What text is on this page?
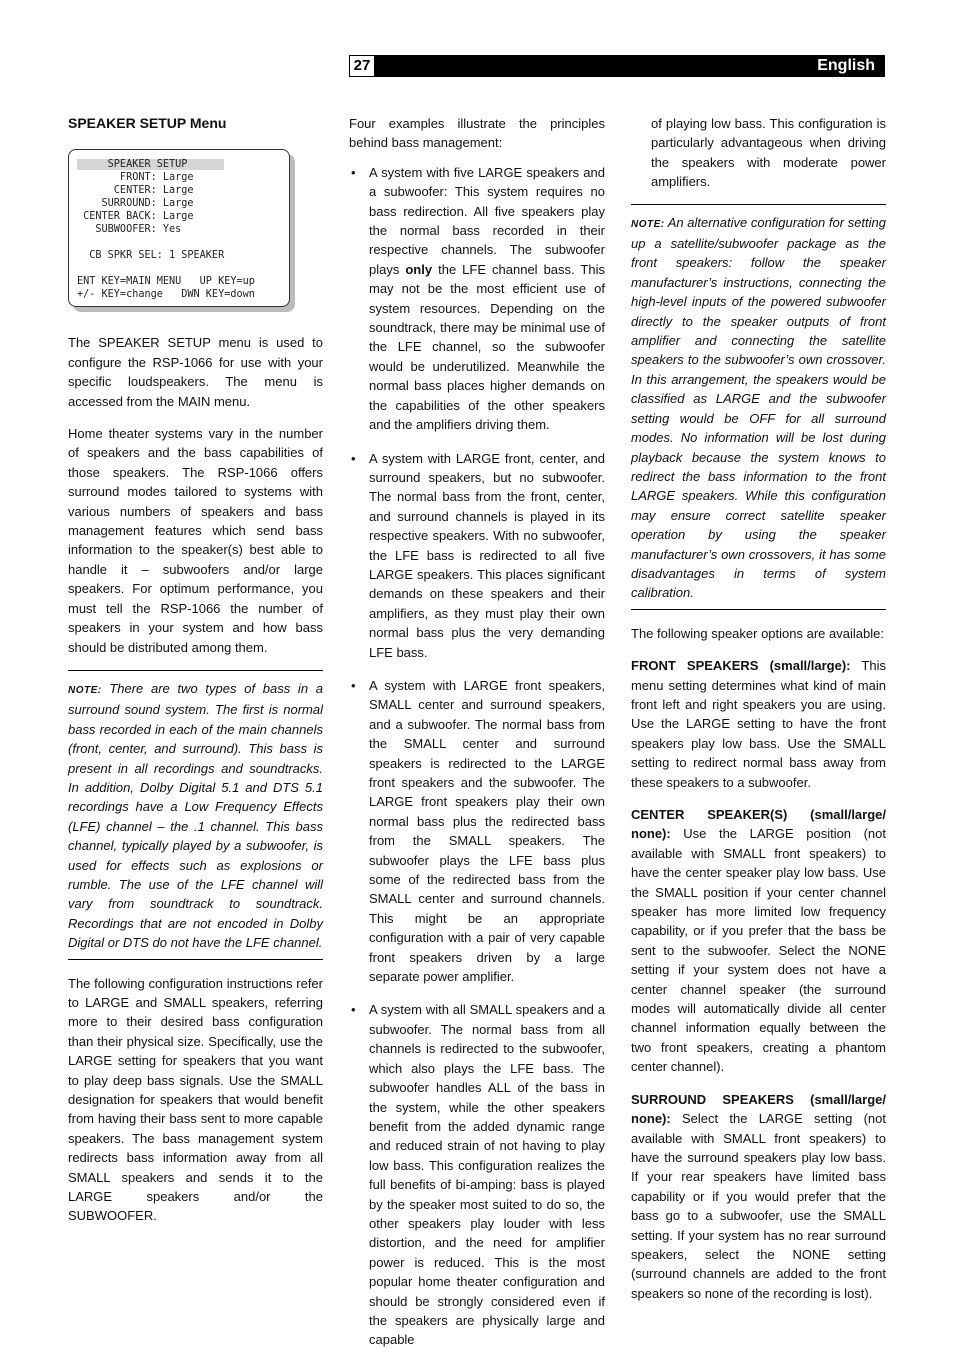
27	English
SPEAKER SETUP Menu
SPEAKER SETUP
FRONT: Large
CENTER: Large
SURROUND: Large
CENTER BACK: Large
SUBWOOFER: Yes

CB SPKR SEL: 1 SPEAKER

ENT KEY=MAIN MENU   UP KEY=up
+/- KEY=change   DWN KEY=down

The SPEAKER SETUP menu is used to configure the RSP-1066 for use with your specific loudspeakers. The menu is accessed from the MAIN menu.

Home theater systems vary in the number of speakers and the bass capabilities of those speakers. The RSP-1066 offers surround modes tailored to systems with various numbers of speakers and bass management features which send bass information to the speaker(s) best able to handle it – subwoofers and/or large speakers. For optimum performance, you must tell the RSP-1066 the number of speakers in your system and how bass should be distributed among them.

NOTE: There are two types of bass in a surround sound system. The first is normal bass recorded in each of the main channels (front, center, and surround). This bass is present in all recordings and soundtracks. In addition, Dolby Digital 5.1 and DTS 5.1 recordings have a Low Frequency Effects (LFE) channel – the .1 channel. This bass channel, typically played by a subwoofer, is used for effects such as explosions or rumble. The use of the LFE channel will vary from soundtrack to soundtrack. Recordings that are not encoded in Dolby Digital or DTS do not have the LFE channel.

The following configuration instructions refer to LARGE and SMALL speakers, referring more to their desired bass configuration than their physical size. Specifically, use the LARGE setting for speakers that you want to play deep bass signals. Use the SMALL designation for speakers that would benefit from having their bass sent to more capable speakers. The bass management system redirects bass information away from all SMALL speakers and sends it to the LARGE speakers and/or the SUBWOOFER.

Four examples illustrate the principles behind bass management:

• A system with five LARGE speakers and a subwoofer: This system requires no bass redirection. All five speakers play the normal bass recorded in their respective channels. The subwoofer plays only the LFE channel bass. This may not be the most efficient use of system resources. Depending on the soundtrack, there may be minimal use of the LFE channel, so the subwoofer would be underutilized. Meanwhile the normal bass places higher demands on the capabilities of the other speakers and the amplifiers driving them.
• A system with LARGE front, center, and surround speakers, but no subwoofer. The normal bass from the front, center, and surround channels is played in its respective speakers. With no subwoofer, the LFE bass is redirected to all five LARGE speakers. This places significant demands on these speakers and their amplifiers, as they must play their own normal bass plus the very demanding LFE bass.
• A system with LARGE front speakers, SMALL center and surround speakers, and a subwoofer. The normal bass from the SMALL center and surround speakers is redirected to the LARGE front speakers and the subwoofer. The LARGE front speakers play their own normal bass plus the redirected bass from the SMALL speakers. The subwoofer plays the LFE bass plus some of the redirected bass from the SMALL center and surround channels. This might be an appropriate configuration with a pair of very capable front speakers driven by a large separate power amplifier.
• A system with all SMALL speakers and a subwoofer. The normal bass from all channels is redirected to the subwoofer, which also plays the LFE bass. The subwoofer handles ALL of the bass in the system, while the other speakers benefit from the added dynamic range and reduced strain of not having to play low bass. This configuration realizes the full benefits of bi-amping: bass is played by the speaker most suited to do so, the other speakers play louder with less distortion, and the need for amplifier power is reduced. This is the most popular home theater configuration and should be strongly considered even if the speakers are physically large and capable

of playing low bass. This configuration is particularly advantageous when driving the speakers with moderate power amplifiers.

NOTE: An alternative configuration for setting up a satellite/subwoofer package as the front speakers: follow the speaker manufacturer’s instructions, connecting the high-level inputs of the powered subwoofer directly to the speaker outputs of front amplifier and connecting the satellite speakers to the subwoofer’s own crossover. In this arrangement, the speakers would be classified as LARGE and the subwoofer setting would be OFF for all surround modes. No information will be lost during playback because the system knows to redirect the bass information to the front LARGE speakers. While this configuration may ensure correct satellite speaker operation by using the speaker manufacturer’s own crossovers, it has some disadvantages in terms of system calibration.

The following speaker options are available:

FRONT SPEAKERS (small/large): This menu setting determines what kind of main front left and right speakers you are using. Use the LARGE setting to have the front speakers play low bass. Use the SMALL setting to redirect normal bass away from these speakers to a subwoofer.

CENTER SPEAKER(S) (small/large/ none): Use the LARGE position (not available with SMALL front speakers) to have the center speaker play low bass. Use the SMALL position if your center channel speaker has more limited low frequency capability, or if you prefer that the bass be sent to the subwoofer. Select the NONE setting if your system does not have a center channel speaker (the surround modes will automatically divide all center channel information equally between the two front speakers, creating a phantom center channel).

SURROUND SPEAKERS (small/large/ none): Select the LARGE setting (not available with SMALL front speakers) to have the surround speakers play low bass. If your rear speakers have limited bass capability or if you would prefer that the bass go to a subwoofer, use the SMALL setting. If your system has no rear surround speakers, select the NONE setting (surround channels are added to the front speakers so none of the recording is lost).
